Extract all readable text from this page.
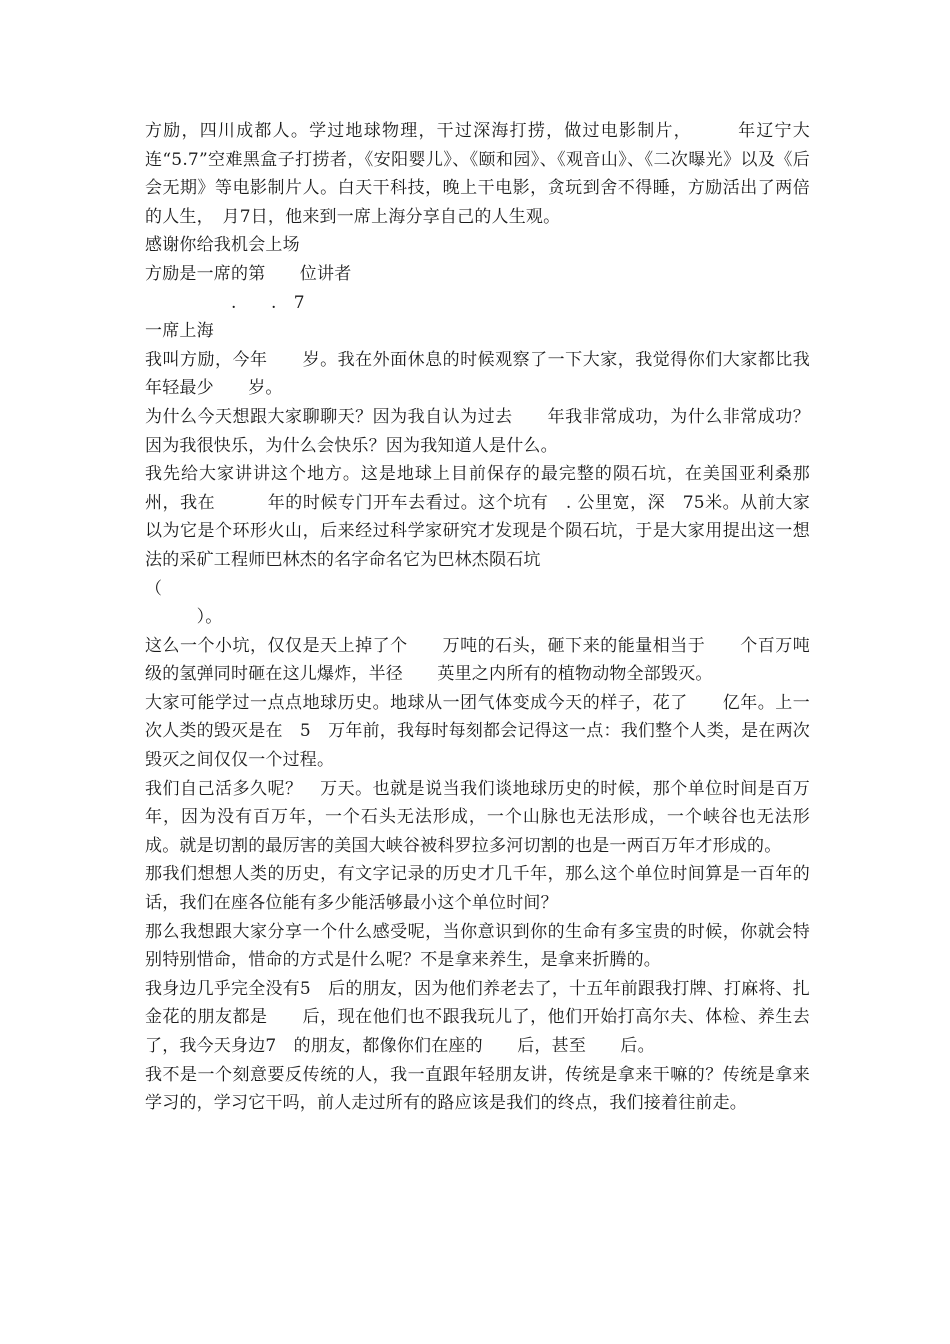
方励，四川成都人。学过地球物理，干过深海打捞，做过电影制片，　　　年辽宁大连“5.7”空难黑盒子打捞者，《安阳婴儿》、《颐和园》、《观音山》、《二次曝光》以及《后会无期》等电影制片人。白天干科技，晚上干电影，贪玩到舍不得睡，方励活出了两倍的人生，　月7日，他来到一席上海分享自己的人生观。

感谢你给我机会上场

方励是一席的第　　位讲者

　　　　　.　　.　7

一席上海

我叫方励，今年　　岁。我在外面休息的时候观察了一下大家，我觉得你们大家都比我年轻最少　　岁。

为什么今天想跟大家聊聊天？因为我自认为过去　　年我非常成功，为什么非常成功？因为我很快乐，为什么会快乐？因为我知道人是什么。

我先给大家讲讲这个地方。这是地球上目前保存的最完整的陨石坑，在美国亚利桑那州，我在　　　年的时候专门开车去看过。这个坑有　. 公里宽，深　75米。从前大家以为它是个环形火山，后来经过科学家研究才发现是个陨石坑，于是大家用提出这一想法的采矿工程师巴林杰的名字命名它为巴林杰陨石坑

（

　　　）。

这么一个小坑，仅仅是天上掉了个　　万吨的石头，砸下来的能量相当于　　个百万吨级的氢弹同时砸在这儿爆炸，半径　　英里之内所有的植物动物全部毁灭。

大家可能学过一点点地球历史。地球从一团气体变成今天的样子，花了　　亿年。上一次人类的毁灭是在　5　万年前，我每时每刻都会记得这一点：我们整个人类，是在两次毁灭之间仅仅一个过程。

我们自己活多久呢？　万天。也就是说当我们谈地球历史的时候，那个单位时间是百万年，因为没有百万年，一个石头无法形成，一个山脉也无法形成，一个峡谷也无法形成。就是切割的最厉害的美国大峡谷被科罗拉多河切割的也是一两百万年才形成的。

那我们想想人类的历史，有文字记录的历史才几千年，那么这个单位时间算是一百年的话，我们在座各位能有多少能活够最小这个单位时间？

那么我想跟大家分享一个什么感受呢，当你意识到你的生命有多宝贵的时候，你就会特别特别惜命，惜命的方式是什么呢？不是拿来养生，是拿来折腾的。

我身边几乎完全没有5　后的朋友，因为他们养老去了，十五年前跟我打牌、打麻将、扎金花的朋友都是　　后，现在他们也不跟我玩儿了，他们开始打高尔夫、体检、养生去了，我今天身边7　的朋友，都像你们在座的　　后，甚至　　后。

我不是一个刻意要反传统的人，我一直跟年轻朋友讲，传统是拿来干嘛的？传统是拿来学习的，学习它干吗，前人走过所有的路应该是我们的终点，我们接着往前走。
